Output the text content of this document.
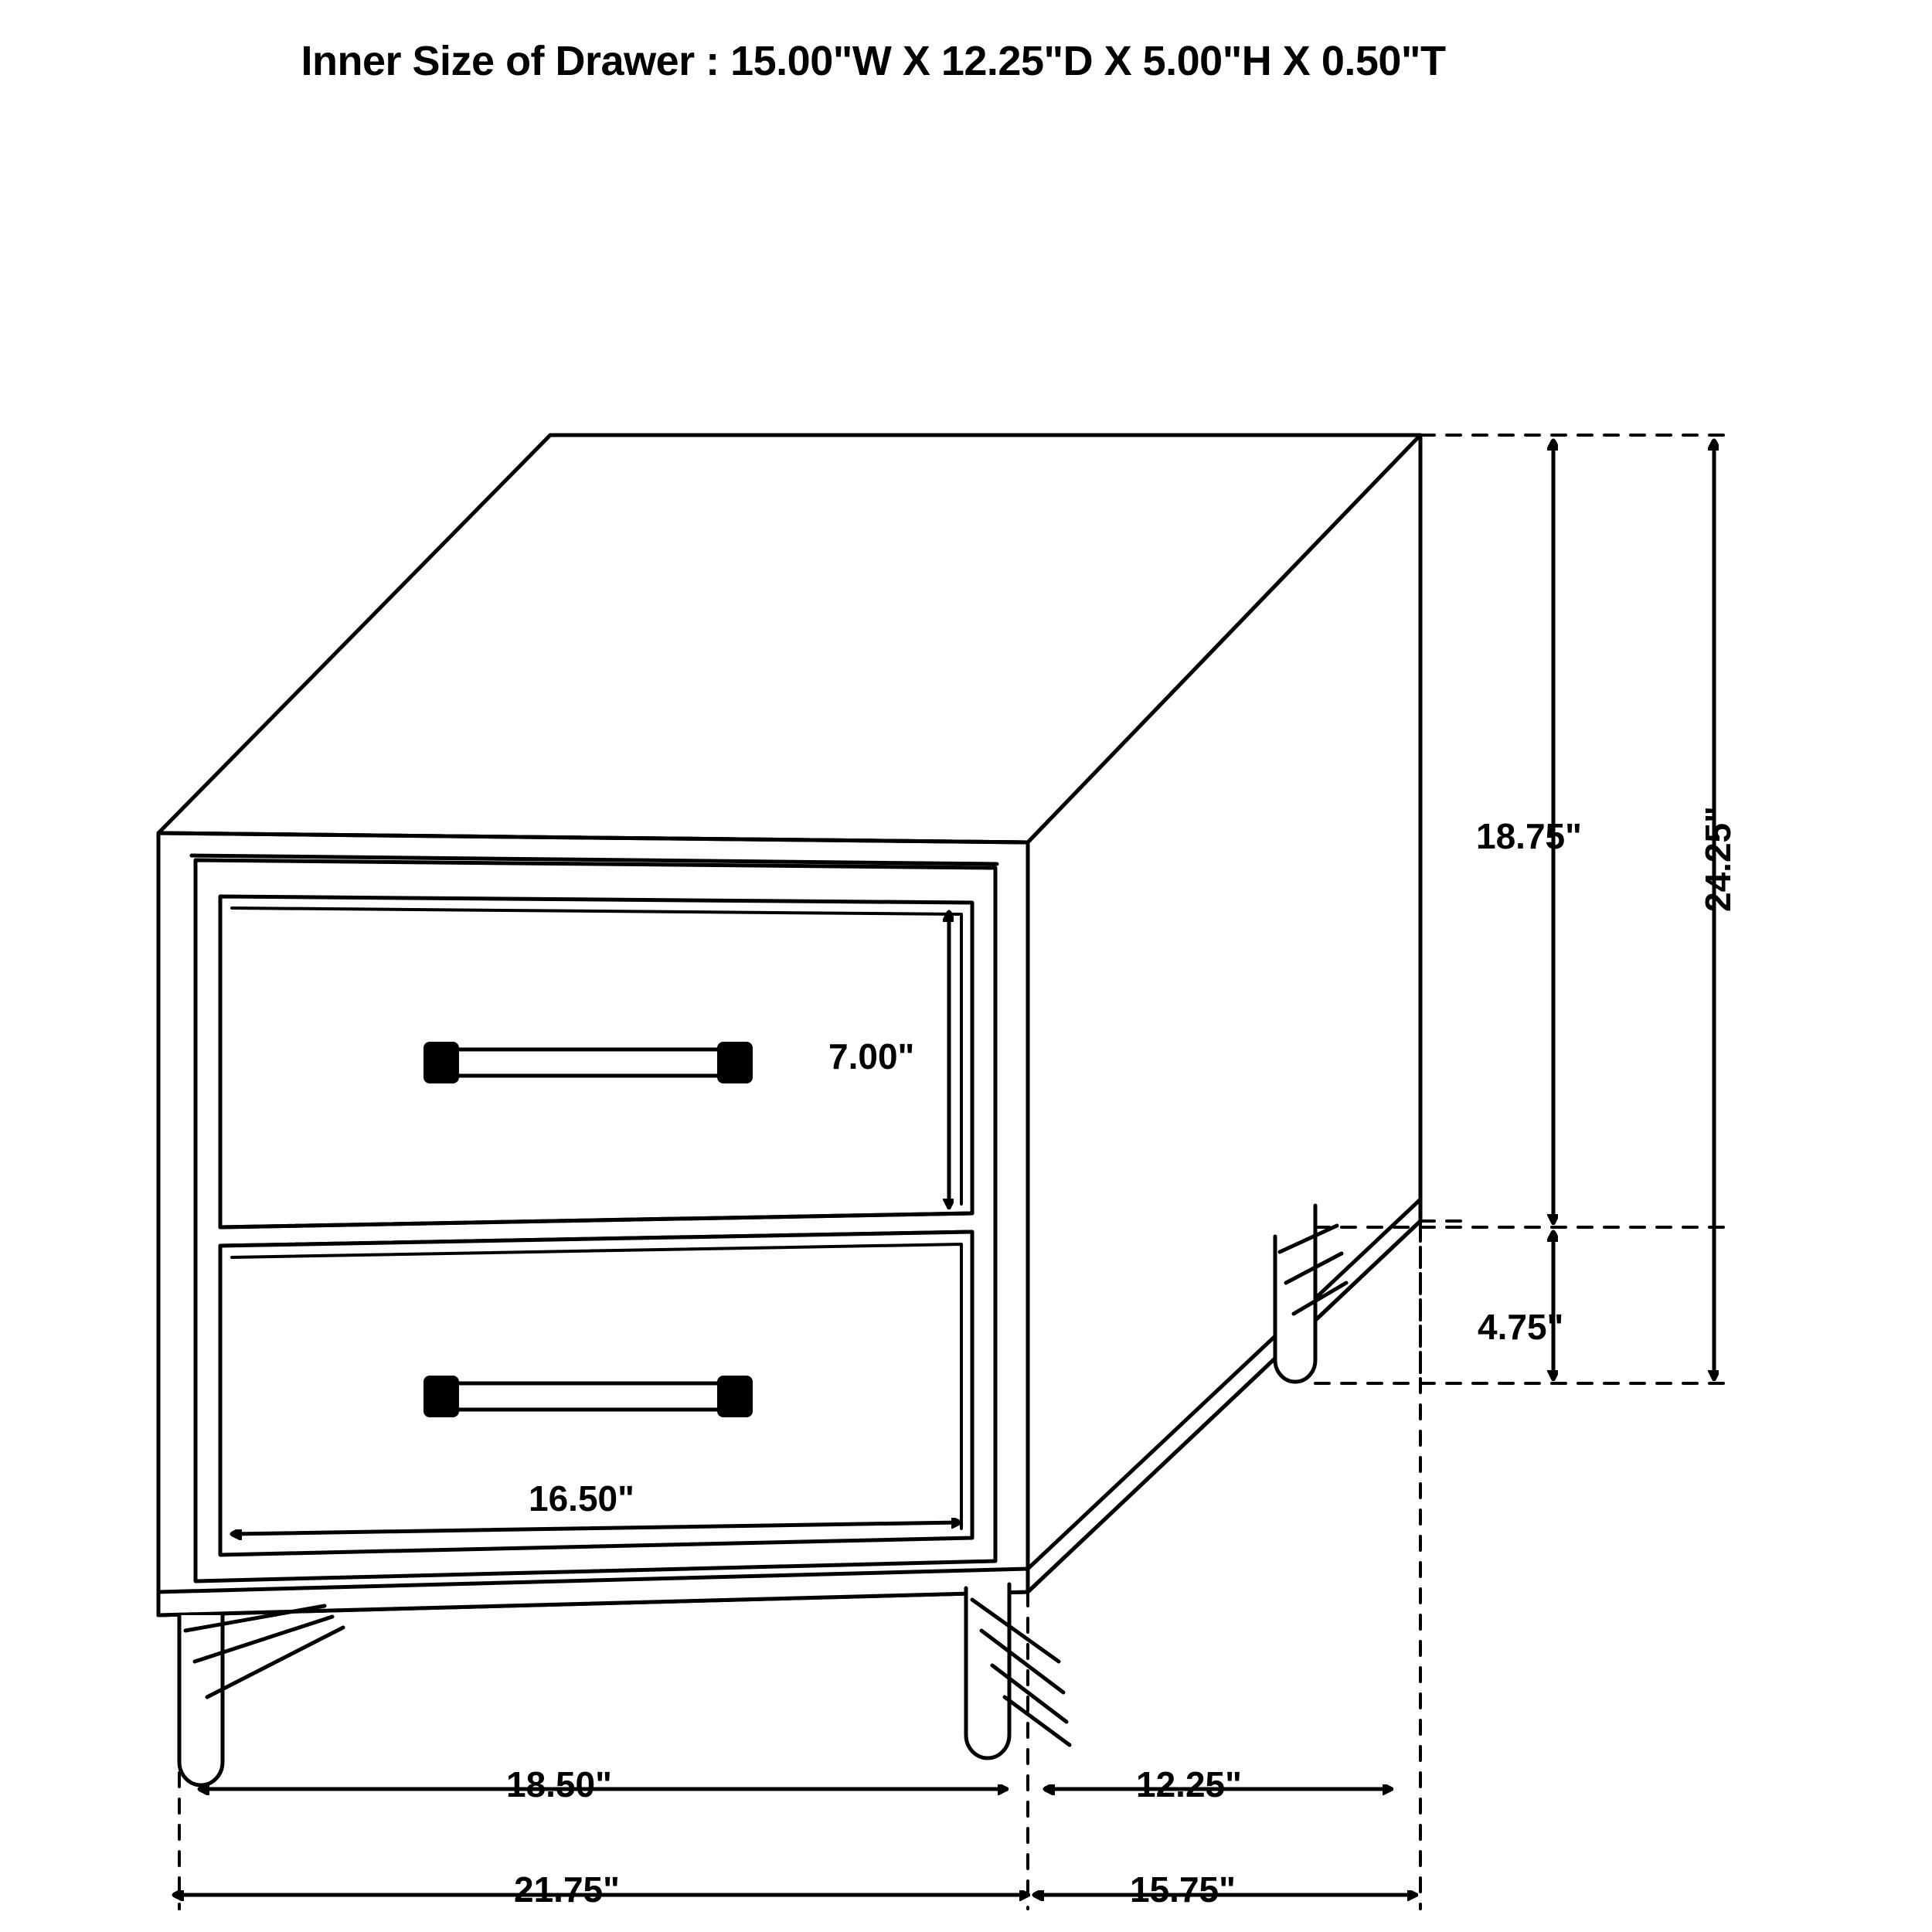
Inner Size of Drawer : 15.00"W X 12.25"D X 5.00"H X 0.50"T
18.75"	24.25"
4.75"
7.00"
16.50"
18.50"	12.25"
21.75"	15.75"
